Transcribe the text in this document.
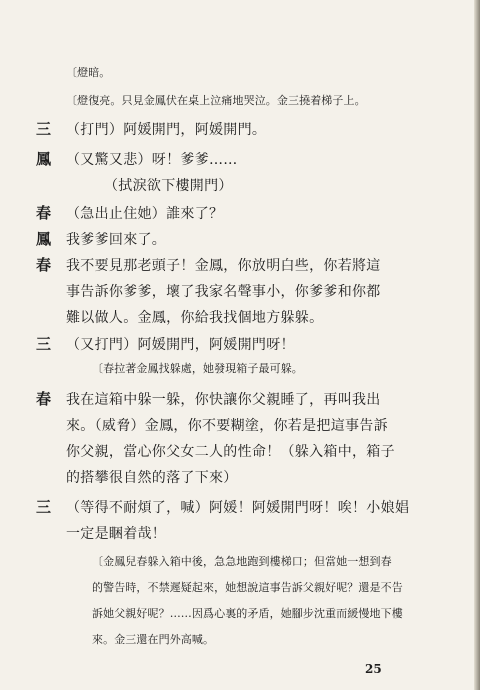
〔燈暗。
〔燈復亮。只見金鳳伏在桌上泣痛地哭泣。金三撓着梯子上。
三 （打門）阿媛開門，阿媛開門。
鳳 （又驚又悲）呀！爹爹……
（拭淚欲下樓開門）
春 （急出止住她）誰來了？
鳳 我爹爹回來了。
春 我不要見那老頭子！金鳳，你放明白些，你若將這
事告訴你爹爹，壞了我家名聲事小，你爹爹和你都
難以做人。金鳳，你給我找個地方躲躲。
三 （又打門）阿媛開門，阿媛開門呀！
〔春拉著金鳳找躲處，她發現箱子最可躲。
春 我在這箱中躲一躲，你快讓你父親睡了，再叫我出
來。（威脅）金鳳，你不要糊塗，你若是把這事告訴
你父親，當心你父女二人的性命！（躲入箱中，箱子
的搭攀很自然的落了下來）
三 （等得不耐煩了，喊）阿媛！阿媛開門呀！唉！小娘娼
一定是睏着哉！
〔金鳳兒春躲入箱中後，急急地跑到樓梯口；但當她一想到春
的警告時，不禁遲疑起來，她想說這事告訴父親好呢？還是不告
訴她父親好呢？……因爲心裏的矛盾，她腳步沈重而緩慢地下樓
來。金三還在門外高喊。
25
